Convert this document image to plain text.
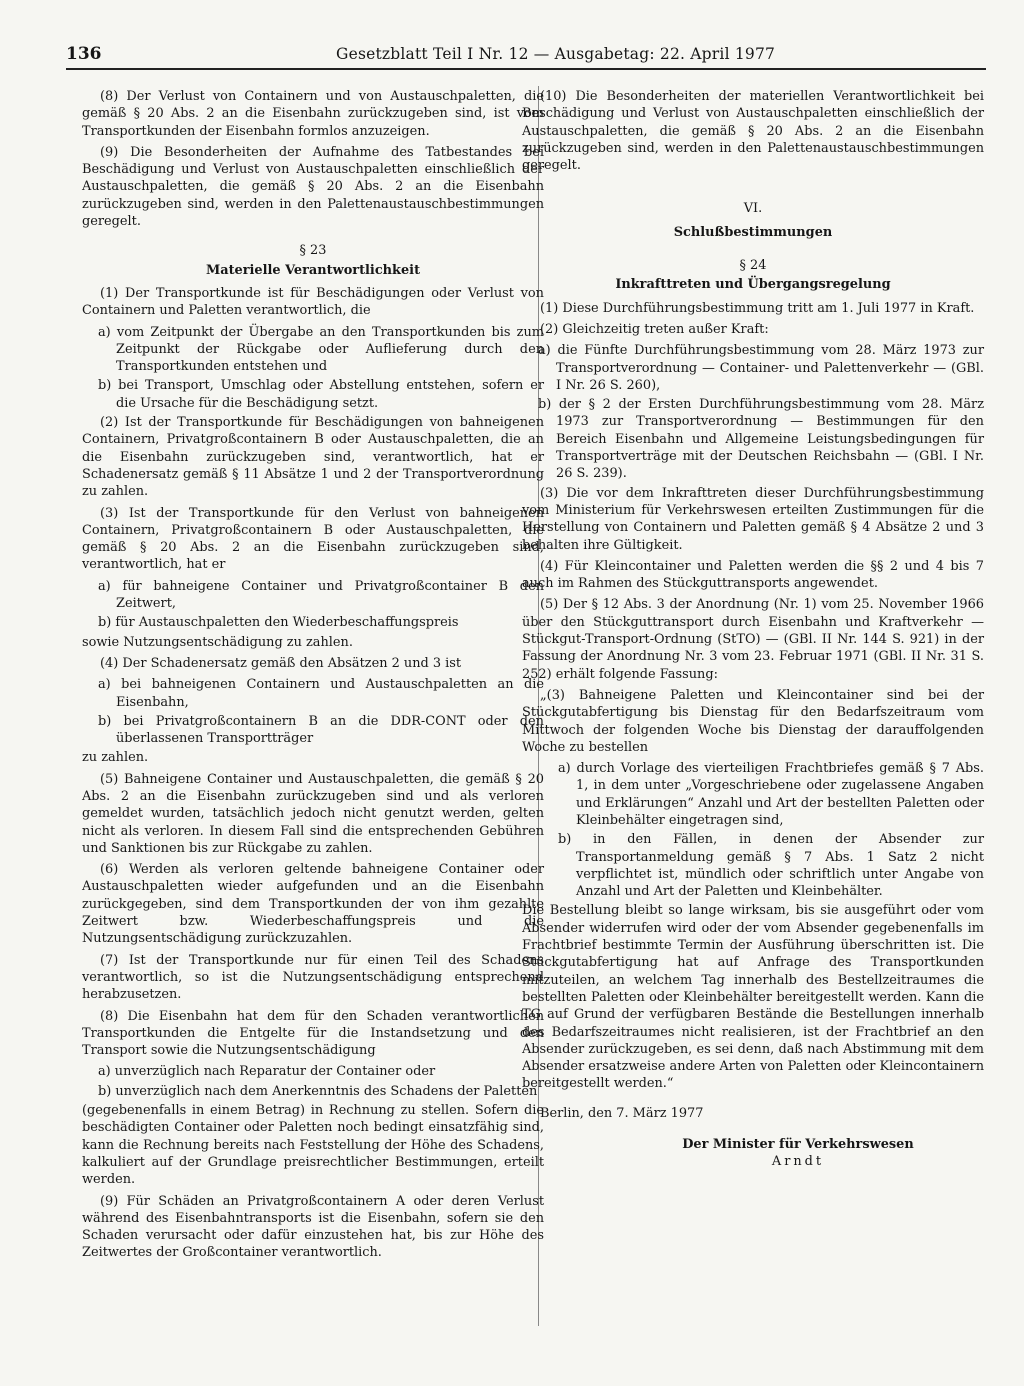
136	Gesetzblatt Teil I Nr. 12 — Ausgabetag: 22. April 1977

(8) Der Verlust von Containern und von Austauschpaletten, die gemäß § 20 Abs. 2 an die Eisenbahn zurückzugeben sind, ist vom Transportkunden der Eisenbahn formlos anzuzeigen.

(9) Die Besonderheiten der Aufnahme des Tatbestandes bei Beschädigung und Verlust von Austauschpaletten einschließlich der Austauschpaletten, die gemäß § 20 Abs. 2 an die Eisenbahn zurückzugeben sind, werden in den Palettenaustauschbestimmungen geregelt.

§ 23

Materielle Verantwortlichkeit

(1) Der Transportkunde ist für Beschädigungen oder Verlust von Containern und Paletten verantwortlich, die

a) vom Zeitpunkt der Übergabe an den Transportkunden bis zum Zeitpunkt der Rückgabe oder Auflieferung durch den Transportkunden entstehen und

b) bei Transport, Umschlag oder Abstellung entstehen, sofern er die Ursache für die Beschädigung setzt.

(2) Ist der Transportkunde für Beschädigungen von bahneigenen Containern, Privatgroßcontainern B oder Austauschpaletten, die an die Eisenbahn zurückzugeben sind, verantwortlich, hat er Schadenersatz gemäß § 11 Absätze 1 und 2 der Transportverordnung zu zahlen.

(3) Ist der Transportkunde für den Verlust von bahneigenen Containern, Privatgroßcontainern B oder Austauschpaletten, die gemäß § 20 Abs. 2 an die Eisenbahn zurückzugeben sind, verantwortlich, hat er

a) für bahneigene Container und Privatgroßcontainer B den Zeitwert,

b) für Austauschpaletten den Wiederbeschaffungspreis

sowie Nutzungsentschädigung zu zahlen.

(4) Der Schadenersatz gemäß den Absätzen 2 und 3 ist

a) bei bahneigenen Containern und Austauschpaletten an die Eisenbahn,

b) bei Privatgroßcontainern B an die DDR-CONT oder den überlassenen Transportträger

zu zahlen.

(5) Bahneigene Container und Austauschpaletten, die gemäß § 20 Abs. 2 an die Eisenbahn zurückzugeben sind und als verloren gemeldet wurden, tatsächlich jedoch nicht genutzt werden, gelten nicht als verloren. In diesem Fall sind die entsprechenden Gebühren und Sanktionen bis zur Rückgabe zu zahlen.

(6) Werden als verloren geltende bahneigene Container oder Austauschpaletten wieder aufgefunden und an die Eisenbahn zurückgegeben, sind dem Transportkunden der von ihm gezahlte Zeitwert bzw. Wiederbeschaffungspreis und die Nutzungsentschädigung zurückzuzahlen.

(7) Ist der Transportkunde nur für einen Teil des Schadens verantwortlich, so ist die Nutzungsentschädigung entsprechend herabzusetzen.

(8) Die Eisenbahn hat dem für den Schaden verantwortlichen Transportkunden die Entgelte für die Instandsetzung und den Transport sowie die Nutzungsentschädigung

a) unverzüglich nach Reparatur der Container oder

b) unverzüglich nach dem Anerkenntnis des Schadens der Paletten

(gegebenenfalls in einem Betrag) in Rechnung zu stellen. Sofern die beschädigten Container oder Paletten noch bedingt einsatzfähig sind, kann die Rechnung bereits nach Feststellung der Höhe des Schadens, kalkuliert auf der Grundlage preisrechtlicher Bestimmungen, erteilt werden.

(9) Für Schäden an Privatgroßcontainern A oder deren Verlust während des Eisenbahntransports ist die Eisenbahn, sofern sie den Schaden verursacht oder dafür einzustehen hat, bis zur Höhe des Zeitwertes der Großcontainer verantwortlich.

(10) Die Besonderheiten der materiellen Verantwortlichkeit bei Beschädigung und Verlust von Austauschpaletten einschließlich der Austauschpaletten, die gemäß § 20 Abs. 2 an die Eisenbahn zurückzugeben sind, werden in den Palettenaustauschbestimmungen geregelt.

VI.

Schlußbestimmungen

§ 24

Inkrafttreten und Übergangsregelung

(1) Diese Durchführungsbestimmung tritt am 1. Juli 1977 in Kraft.

(2) Gleichzeitig treten außer Kraft:

a) die Fünfte Durchführungsbestimmung vom 28. März 1973 zur Transportverordnung — Container- und Palettenverkehr — (GBl. I Nr. 26 S. 260),

b) der § 2 der Ersten Durchführungsbestimmung vom 28. März 1973 zur Transportverordnung — Bestimmungen für den Bereich Eisenbahn und Allgemeine Leistungsbedingungen für Transportverträge mit der Deutschen Reichsbahn — (GBl. I Nr. 26 S. 239).

(3) Die vor dem Inkrafttreten dieser Durchführungsbestimmung vom Ministerium für Verkehrswesen erteilten Zustimmungen für die Herstellung von Containern und Paletten gemäß § 4 Absätze 2 und 3 behalten ihre Gültigkeit.

(4) Für Kleincontainer und Paletten werden die §§ 2 und 4 bis 7 auch im Rahmen des Stückguttransports angewendet.

(5) Der § 12 Abs. 3 der Anordnung (Nr. 1) vom 25. November 1966 über den Stückguttransport durch Eisenbahn und Kraftverkehr — Stückgut-Transport-Ordnung (StTO) — (GBl. II Nr. 144 S. 921) in der Fassung der Anordnung Nr. 3 vom 23. Februar 1971 (GBl. II Nr. 31 S. 252) erhält folgende Fassung:

„(3) Bahneigene Paletten und Kleincontainer sind bei der Stückgutabfertigung bis Dienstag für den Bedarfszeitraum vom Mittwoch der folgenden Woche bis Dienstag der darauffolgenden Woche zu bestellen

a) durch Vorlage des vierteiligen Frachtbriefes gemäß § 7 Abs. 1, in dem unter „Vorgeschriebene oder zugelassene Angaben und Erklärungen“ Anzahl und Art der bestellten Paletten oder Kleinbehälter eingetragen sind,

b) in den Fällen, in denen der Absender zur Transportanmeldung gemäß § 7 Abs. 1 Satz 2 nicht verpflichtet ist, mündlich oder schriftlich unter Angabe von Anzahl und Art der Paletten und Kleinbehälter.

Die Bestellung bleibt so lange wirksam, bis sie ausgeführt oder vom Absender widerrufen wird oder der vom Absender gegebenenfalls im Frachtbrief bestimmte Termin der Ausführung überschritten ist. Die Stückgutabfertigung hat auf Anfrage des Transportkunden mitzuteilen, an welchem Tag innerhalb des Bestellzeitraumes die bestellten Paletten oder Kleinbehälter bereitgestellt werden. Kann die TG auf Grund der verfügbaren Bestände die Bestellungen innerhalb des Bedarfszeitraumes nicht realisieren, ist der Frachtbrief an den Absender zurückzugeben, es sei denn, daß nach Abstimmung mit dem Absender ersatzweise andere Arten von Paletten oder Kleincontainern bereitgestellt werden.“

Berlin, den 7. März 1977

Der Minister für Verkehrswesen

Arndt
